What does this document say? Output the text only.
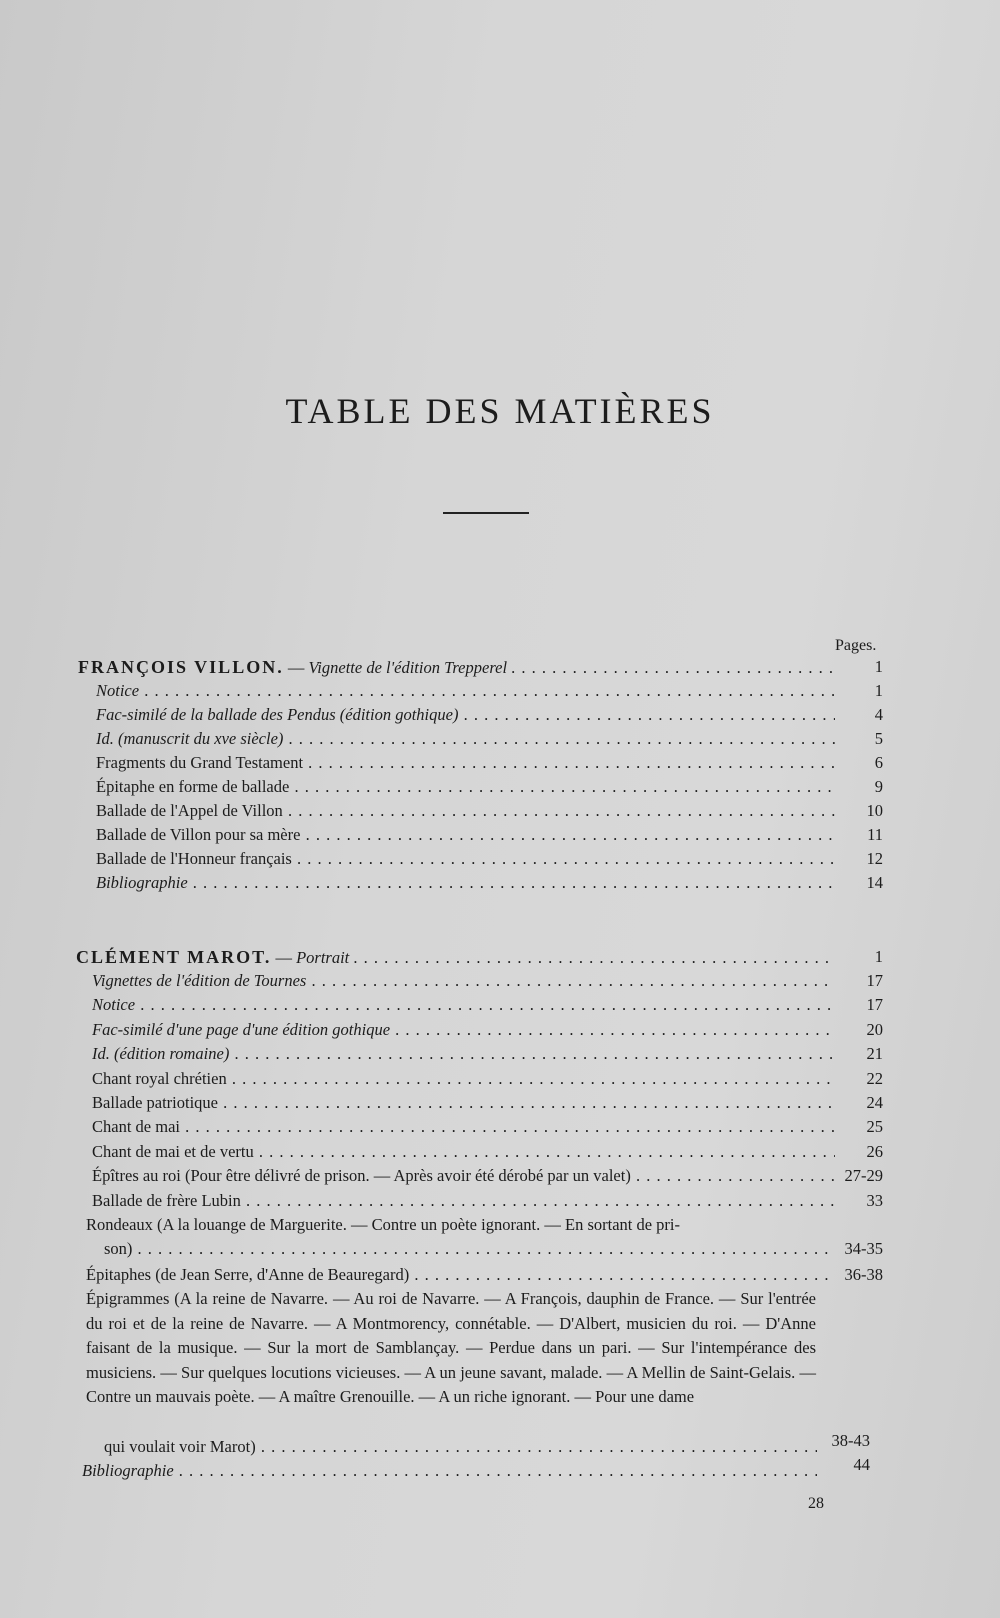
TABLE DES MATIÈRES
Pages.
FRANÇOIS VILLON. — Vignette de l'édition Trepperel . . .	1
Notice . . .	1
Fac-similé de la ballade des Pendus (édition gothique) . . .	4
Id. (manuscrit du xve siècle) . . .	5
Fragments du Grand Testament . . .	6
Épitaphe en forme de ballade . . .	9
Ballade de l'Appel de Villon . . .	10
Ballade de Villon pour sa mère . . .	11
Ballade de l'Honneur français . . .	12
Bibliographie . . .	14
CLÉMENT MAROT. — Portrait . . .	1
Vignettes de l'édition de Tournes . . .	17
Notice . . .	17
Fac-similé d'une page d'une édition gothique . . .	20
Id. (édition romaine) . . .	21
Chant royal chrétien . . .	22
Ballade patriotique . . .	24
Chant de mai . . .	25
Chant de mai et de vertu . . .	26
Épîtres au roi (Pour être délivré de prison. — Après avoir été dérobé par un valet) . . .	27-29
Ballade de frère Lubin . . .	33
Rondeaux (A la louange de Marguerite. — Contre un poète ignorant. — En sortant de pri-
son) . . .	34-35
Épitaphes (de Jean Serre, d'Anne de Beauregard) . . .	36-38
Épigrammes (A la reine de Navarre. — Au roi de Navarre. — A François, dauphin de France. — Sur l'entrée du roi et de la reine de Navarre. — A Montmorency, connétable. — D'Albert, musicien du roi. — D'Anne faisant de la musique. — Sur la mort de Samblançay. — Perdue dans un pari. — Sur l'intempérance des musiciens. — Sur quelques locutions vicieuses. — A un jeune savant, malade. — A Mellin de Saint-Gelais. — Contre un mauvais poète. — A maître Grenouille. — A un riche ignorant. — Pour une dame
qui voulait voir Marot) . . .	38-43
Bibliographie . . .	44
28
